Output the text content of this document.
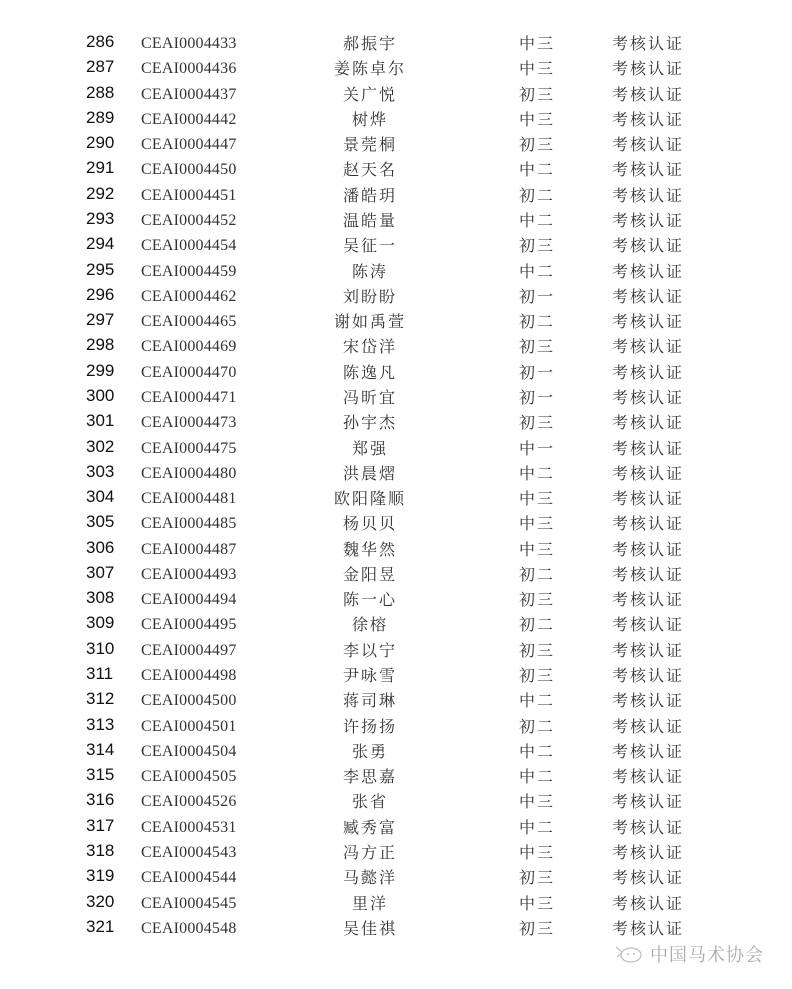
286	CEAI0004433	郝振宇	中三	考核认证
287	CEAI0004436	姜陈卓尔	中三	考核认证
288	CEAI0004437	关广悦	初三	考核认证
289	CEAI0004442	树烨	中三	考核认证
290	CEAI0004447	景莞桐	初三	考核认证
291	CEAI0004450	赵天名	中二	考核认证
292	CEAI0004451	潘皓玥	初二	考核认证
293	CEAI0004452	温皓量	中二	考核认证
294	CEAI0004454	吴征一	初三	考核认证
295	CEAI0004459	陈涛	中二	考核认证
296	CEAI0004462	刘盼盼	初一	考核认证
297	CEAI0004465	谢如禹萱	初二	考核认证
298	CEAI0004469	宋岱洋	初三	考核认证
299	CEAI0004470	陈逸凡	初一	考核认证
300	CEAI0004471	冯昕宜	初一	考核认证
301	CEAI0004473	孙宇杰	初三	考核认证
302	CEAI0004475	郑强	中一	考核认证
303	CEAI0004480	洪晨熠	中二	考核认证
304	CEAI0004481	欧阳隆顺	中三	考核认证
305	CEAI0004485	杨贝贝	中三	考核认证
306	CEAI0004487	魏华然	中三	考核认证
307	CEAI0004493	金阳昱	初二	考核认证
308	CEAI0004494	陈一心	初三	考核认证
309	CEAI0004495	徐榕	初二	考核认证
310	CEAI0004497	李以宁	初三	考核认证
311	CEAI0004498	尹咏雪	初三	考核认证
312	CEAI0004500	蒋司琳	中二	考核认证
313	CEAI0004501	许扬扬	初二	考核认证
314	CEAI0004504	张勇	中二	考核认证
315	CEAI0004505	李思嘉	中二	考核认证
316	CEAI0004526	张省	中三	考核认证
317	CEAI0004531	臧秀富	中二	考核认证
318	CEAI0004543	冯方正	中三	考核认证
319	CEAI0004544	马懿洋	初三	考核认证
320	CEAI0004545	里洋	中三	考核认证
321	CEAI0004548	吴佳祺	初三	考核认证
中国马术协会
